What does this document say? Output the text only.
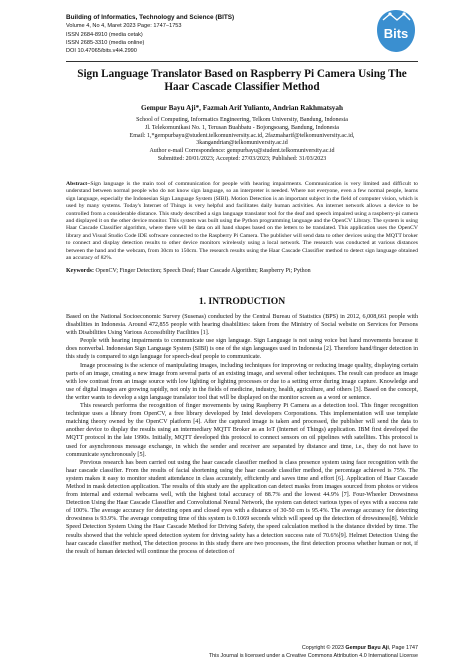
Building of Informatics, Technology and Science (BITS)
Volume 4, No 4, Maret 2023 Page: 1747−1753
ISSN 2684-8910 (media cetak)
ISSN 2685-3310 (media online)
DOI 10.47065/bits.v4i4.2990
Bits
Sign Language Translator Based on Raspberry Pi Camera Using The Haar Cascade Classifier Method
Gempur Bayu Aji*, Fazmah Arif Yulianto, Andrian Rakhmatsyah
School of Computing, Informatics Engineering, Telkom University, Bandung, Indonesia
Jl. Telekomunikasi No. 1, Terusan Buahbatu - Bojongsoang, Bandung, Indonesia
Email: 1,*gempurbayu@student.telkomuniversity.ac.id, 2fazmaharif@telkomuniversity.ac.id,
3kangandrian@telkomuniversity.ac.id
Author e-mail Correspondence: gempurbayu@student.telkomuniversity.ac.id
Submitted: 20/01/2023; Accepted: 27/03/2023; Published: 31/03/2023
Abstract−Sign language is the main tool of communication for people with hearing impairments. Communication is very limited and difficult to understand between normal people who do not know sign language, so an interpreter is needed. Where not everyone, even a few normal people, learns sign language, especially the Indonesian Sign Language System (SIBI). Motion Detection is an important subject in the field of computer vision, which is used by many systems. Today's Internet of Things is very helpful and facilitates daily human activities. An internet network allows a device to be controlled from a considerable distance. This study described a sign language translator tool for the deaf and speech impaired using a raspberry-pi camera and displayed it on the other device monitor. This system was built using the Python programming language and the OpenCV Library. The system is using Haar Cascade Classifier algorithm, where there will be data on all hand shapes based on the letters to be translated. This application uses the OpenCV library and Visual Studio Code IDE software connected to the Raspberry Pi Camera. The publisher will send data to other devices using the MQTT broker to connect and display detection results to other device monitors wirelessly using a local network. The research was conducted at various distances between the hand and the webcam, from 30cm to 150cm. The research results using the Haar Cascade Classifier method to detect sign language obtained an accuracy of 82%.
Keywords: OpenCV; Finger Detection; Speech Deaf; Haar Cascade Algorithm; Raspberry Pi; Python
1. INTRODUCTION

Based on the National Socioeconomic Survey (Susenas) conducted by the Central Bureau of Statistics (BPS) in 2012, 6,008,661 people with disabilities in Indonesia. Around 472,855 people with hearing disabilities: taken from the Ministry of Social website on Services for Persons with Disabilities Using Various Accessibility Facilities [1].

People with hearing impairments to communicate use sign language. Sign Language is not using voice but hand movements because it does nonverbal. Indonesian Sign Language System (SIBI) is one of the sign languages used in Indonesia [2]. Therefore hand/finger detection in this study is compared to sign language for speech-deaf people to communicate.

Image processing is the science of manipulating images, including techniques for improving or reducing image quality, displaying certain parts of an image, creating a new image from several parts of an existing image, and several other techniques. The result can produce an image with low contrast from an image source with low lighting or lighting processes or due to a setting error during image capture. Knowledge and use of digital images are growing rapidly, not only in the fields of medicine, industry, health, agriculture, and others [3]. Based on the concept, the writer wants to develop a sign language translator tool that will be displayed on the monitor screen as a word or sentence.

This research performs the recognition of finger movements by using Raspberry Pi Camera as a detection tool. This finger recognition technique uses a library from OpenCV, a free library developed by Intel developers Corporations. This implementation will use template matching theory owned by the OpenCV platform [4]. After the captured image is taken and processed, the publisher will send the data to another device to display the results using an intermediary MQTT Broker as an IoT (Internet of Things) application. IBM first developed the MQTT protocol in the late 1990s. Initially, MQTT developed this protocol to connect sensors on oil pipelines with satellites. This protocol is used for asynchronous message exchange, in which the sender and receiver are separated by distance and time, i.e., they do not have to communicate synchronously [5].

Previous research has been carried out using the haar cascade classifier method is class presence system using face recognition with the haar cascade classifier. From the results of facial shortening using the haar cascade classifier method, the percentage achieved is 75%. The system makes it easy to monitor student attendance in class accurately, efficiently and saves time and effort [6]. Application of Haar Cascade Method in mask detection application. The results of this study are the application can detect masks from images sourced from photos or videos from internal and external webcams well, with the highest total accuracy of 88.7% and the lowest 44.9% [7]. Four-Wheeler Drowsiness Detection Using the Haar Cascade Classifier and Convolutional Neural Network, the system can detect various types of eyes with a success rate of 100%. The average accuracy for detecting open and closed eyes with a distance of 30-50 cm is 95.4%. The average accuracy for detecting drowsiness is 93.9%. The average computing time of this system is 0.1069 seconds which will speed up the detection of drowsiness[8]. Vehicle Speed Detection System Using the Haar Cascade Method for Driving Safety, the speed calculation method is the distance divided by time. The results showed that the vehicle speed detection system for driving safety has a detection success rate of 70.6%[9]. Helmet Detection Using the haar cascade classifier method, The detection process in this study there are two processes, the first detection process whether human or not, if the result of human detected will continue the process of detection of

Copyright © 2023 Gempur Bayu Aji, Page 1747
This Journal is licensed under a Creative Commons Attribution 4.0 International License
